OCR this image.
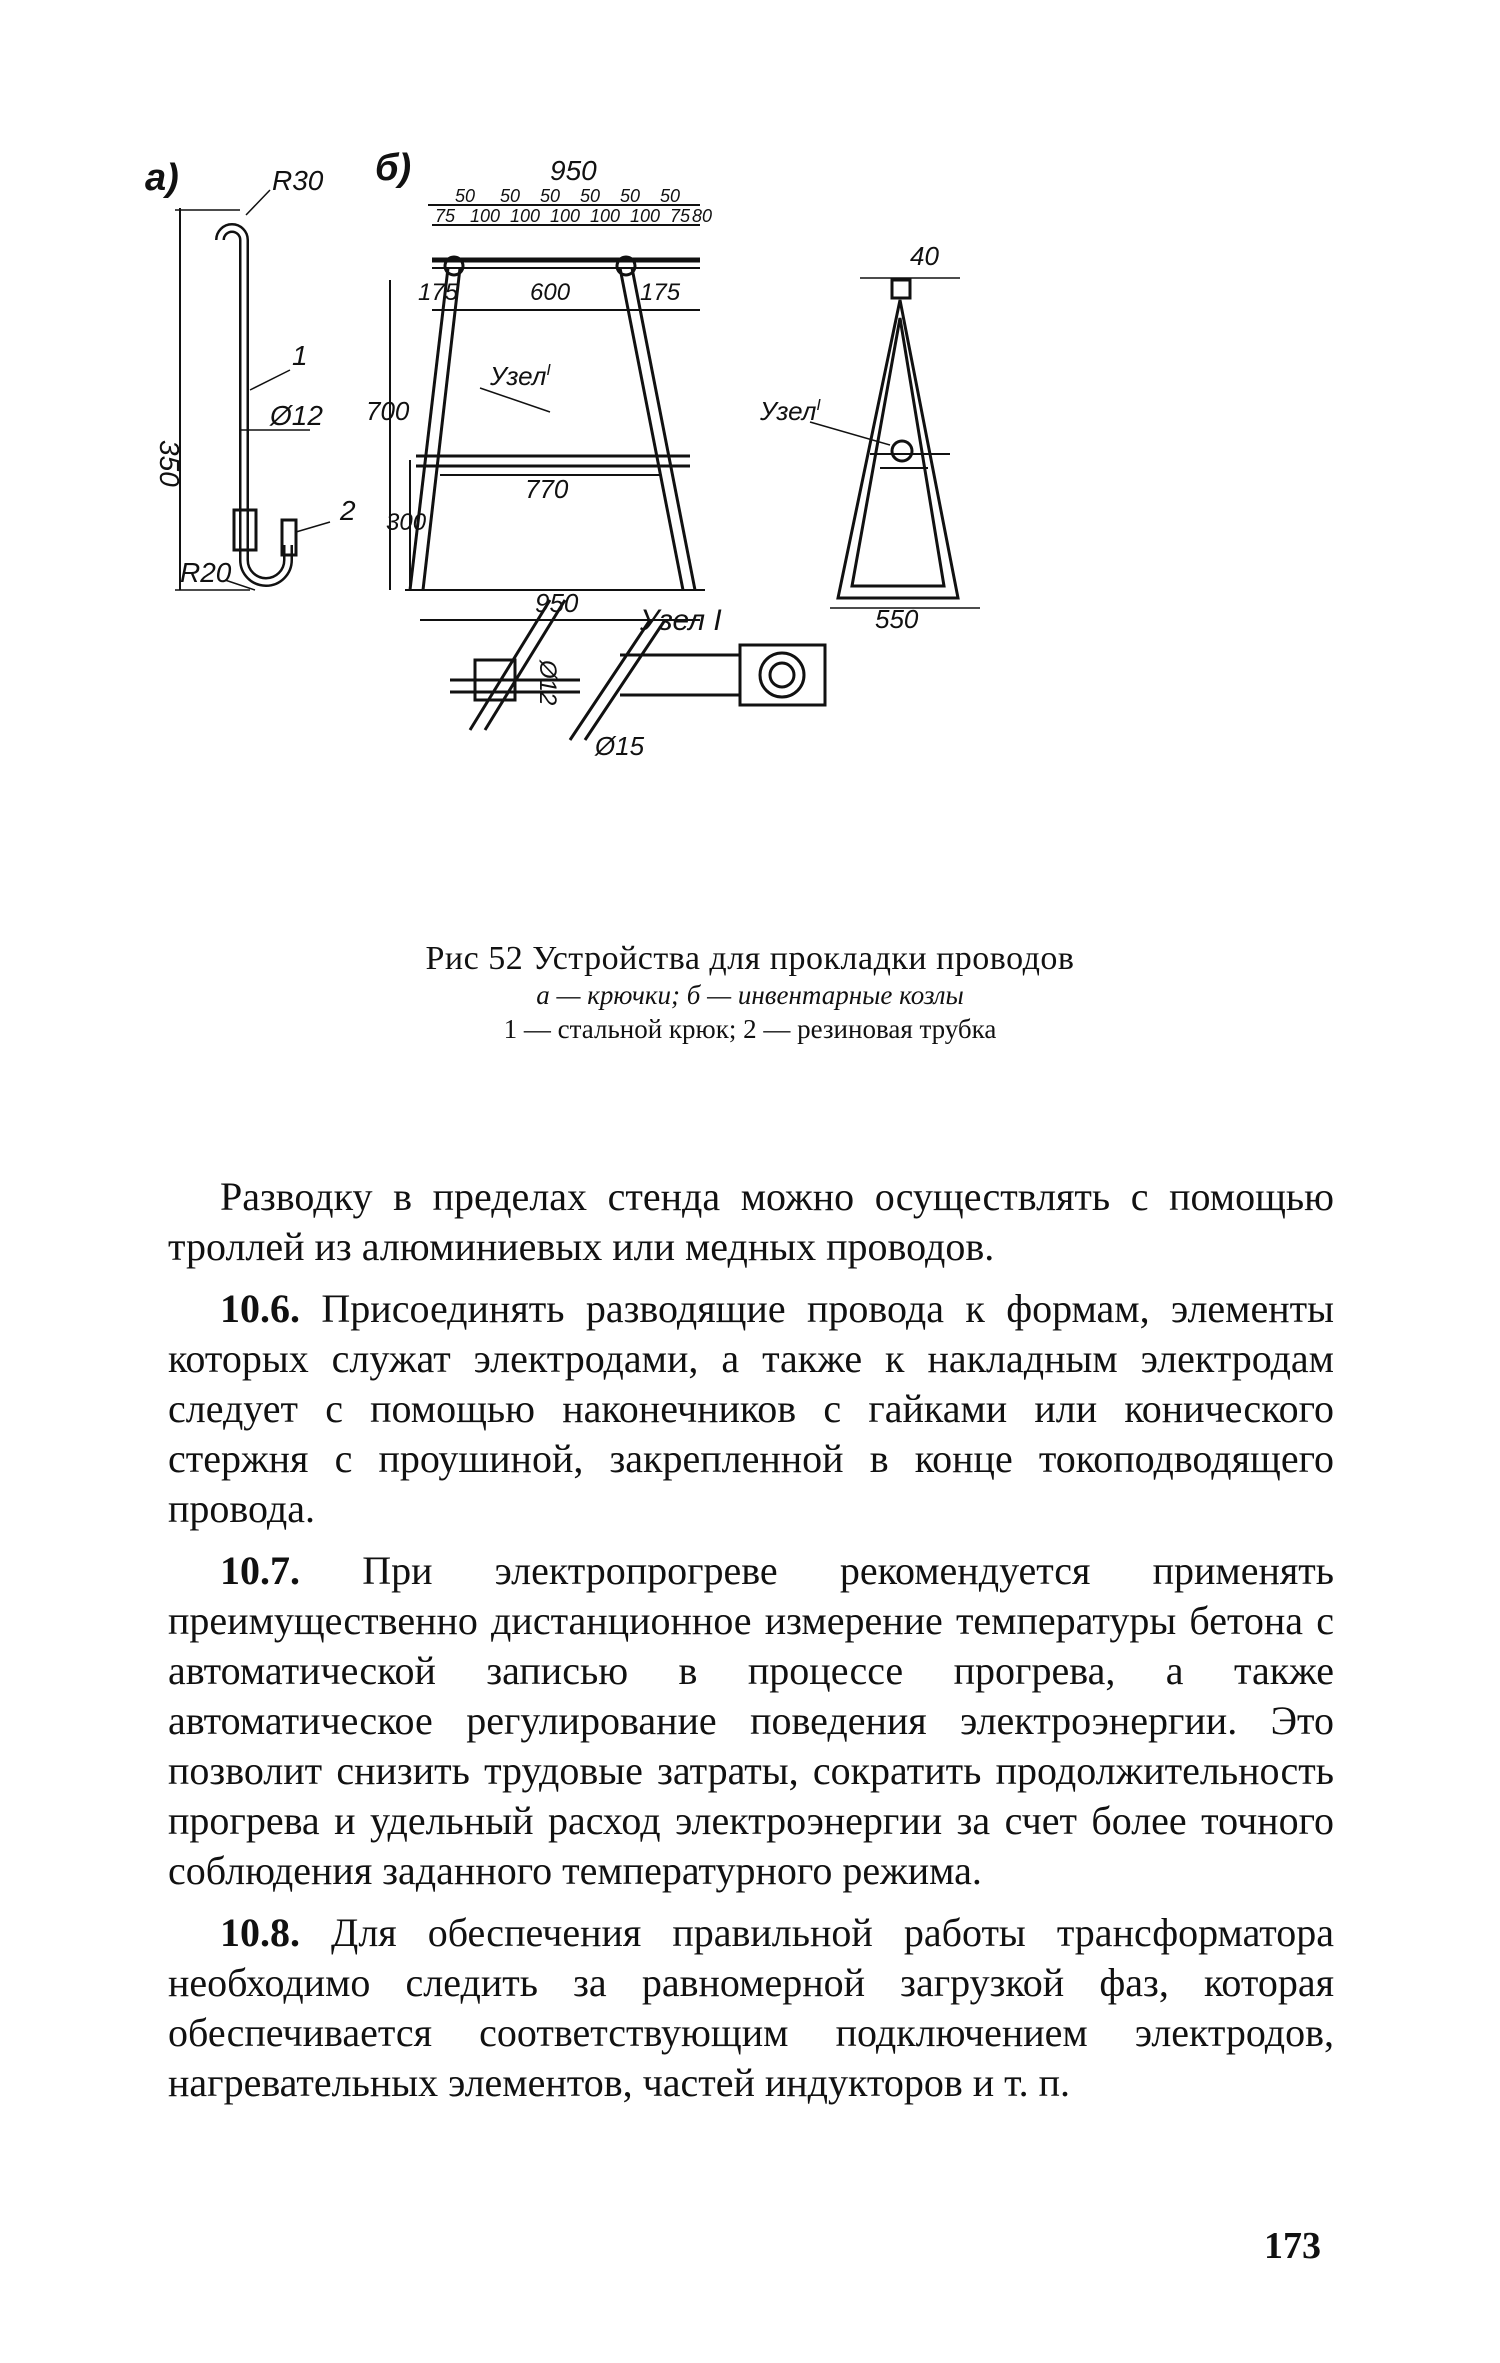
а)	R30
1
Ø12
350
2
R20
б)	950
50 50 50 50 50 50
75 100 100 100 100 100 75 80
175	600	175
700
300
Узел$^I$
770
950
40
Узел$^I$
550
Узел I
Ø12
Ø15
Рис 52 Устройства для прокладки проводов
а — крючки; б — инвентарные козлы
1 — стальной крюк; 2 — резиновая трубка

Разводку в пределах стенда можно осуществлять с помощью троллей из алюминиевых или медных проводов.

10.6. Присоединять разводящие провода к формам, элементы которых служат электродами, а также к накладным электродам следует с помощью наконечников с гайками или конического стержня с проушиной, закрепленной в конце токоподводящего провода.

10.7. При электропрогреве рекомендуется применять преимущественно дистанционное измерение температуры бетона с автоматической записью в процессе прогрева, а также автоматическое регулирование поведения электроэнергии. Это позволит снизить трудовые затраты, сократить продолжительность прогрева и удельный расход электроэнергии за счет более точного соблюдения заданного температурного режима.

10.8. Для обеспечения правильной работы трансформатора необходимо следить за равномерной загрузкой фаз, которая обеспечивается соответствующим подключением электродов, нагревательных элементов, частей индукторов и т. п.

173
